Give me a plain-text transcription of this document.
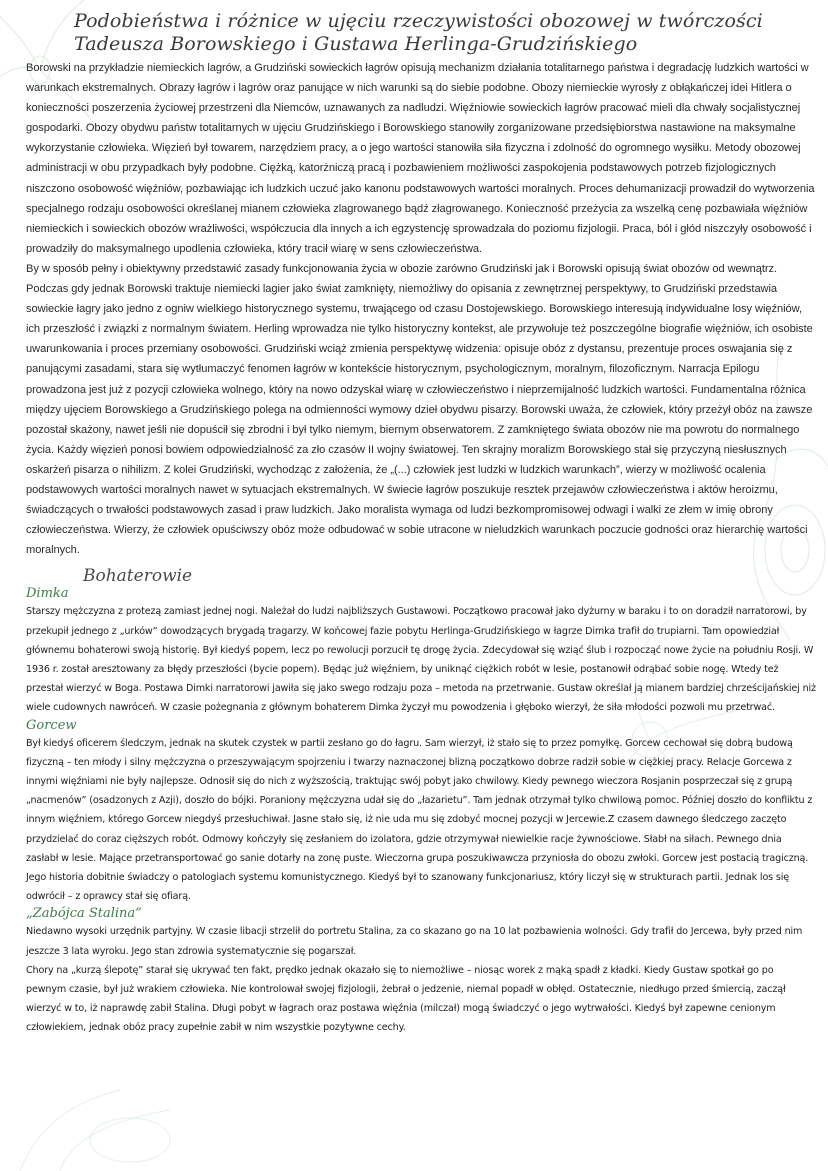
Podobieństwa i różnice w ujęciu rzeczywistości obozowej w twórczości Tadeusza Borowskiego i Gustawa Herlinga-Grudzińskiego

Borowski na przykładzie niemieckich lagrów, a Grudziński sowieckich łagrów opisują mechanizm działania totalitarnego państwa i degradację ludzkich wartości w warunkach ekstremalnych. Obrazy łagrów i lagrów oraz panujące w nich warunki są do siebie podobne. Obozy niemieckie wyrosły z obłąkańczej idei Hitlera o konieczności poszerzenia życiowej przestrzeni dla Niemców, uznawanych za nadludzi. Więźniowie sowieckich łagrów pracować mieli dla chwały socjalistycznej gospodarki. Obozy obydwu państw totalitarnych w ujęciu Grudzińskiego i Borowskiego stanowiły zorganizowane przedsiębiorstwa nastawione na maksymalne wykorzystanie człowieka. Więzień był towarem, narzędziem pracy, a o jego wartości stanowiła siła fizyczna i zdolność do ogromnego wysiłku. Metody obozowej administracji w obu przypadkach były podobne. Ciężką, katorżniczą pracą i pozbawieniem możliwości zaspokojenia podstawowych potrzeb fizjologicznych niszczono osobowość więźniów, pozbawiając ich ludzkich uczuć jako kanonu podstawowych wartości moralnych. Proces dehumanizacji prowadził do wytworzenia specjalnego rodzaju osobowości określanej mianem człowieka zlagrowanego bądź złagrowanego. Konieczność przeżycia za wszelką cenę pozbawiała więźniów niemieckich i sowieckich obozów wrażliwości, współczucia dla innych a ich egzystencję sprowadzała do poziomu fizjologii. Praca, ból i głód niszczyły osobowość i prowadziły do maksymalnego upodlenia człowieka, który tracił wiarę w sens człowieczeństwa.

By w sposób pełny i obiektywny przedstawić zasady funkcjonowania życia w obozie zarówno Grudziński jak i Borowski opisują świat obozów od wewnątrz. Podczas gdy jednak Borowski traktuje niemiecki lagier jako świat zamknięty, niemożliwy do opisania z zewnętrznej perspektywy, to Grudziński przedstawia sowieckie łagry jako jedno z ogniw wielkiego historycznego systemu, trwającego od czasu Dostojewskiego. Borowskiego interesują indywidualne losy więźniów, ich przeszłość i związki z normalnym światem. Herling wprowadza nie tylko historyczny kontekst, ale przywołuje też poszczególne biografie więźniów, ich osobiste uwarunkowania i proces przemiany osobowości. Grudziński wciąż zmienia perspektywę widzenia: opisuje obóz z dystansu, prezentuje proces oswajania się z panującymi zasadami, stara się wytłumaczyć fenomen łagrów w kontekście historycznym, psychologicznym, moralnym, filozoficznym. Narracja Epilogu prowadzona jest już z pozycji człowieka wolnego, który na nowo odzyskał wiarę w człowieczeństwo i nieprzemijalność ludzkich wartości. Fundamentalna różnica między ujęciem Borowskiego a Grudzińskiego polega na odmienności wymowy dzieł obydwu pisarzy. Borowski uważa, że człowiek, który przeżył obóz na zawsze pozostał skażony, nawet jeśli nie dopuścił się zbrodni i był tylko niemym, biernym obserwatorem. Z zamkniętego świata obozów nie ma powrotu do normalnego życia. Każdy więzień ponosi bowiem odpowiedzialność za zło czasów II wojny światowej. Ten skrajny moralizm Borowskiego stał się przyczyną niesłusznych oskarżeń pisarza o nihilizm. Z kolei Grudziński, wychodząc z założenia, że „(...) człowiek jest ludzki w ludzkich warunkach”, wierzy w możliwość ocalenia podstawowych wartości moralnych nawet w sytuacjach ekstremalnych. W świecie łagrów poszukuje resztek przejawów człowieczeństwa i aktów heroizmu, świadczących o trwałości podstawowych zasad i praw ludzkich. Jako moralista wymaga od ludzi bezkompromisowej odwagi i walki ze złem w imię obrony człowieczeństwa. Wierzy, że człowiek opuściwszy obóz może odbudować w sobie utracone w nieludzkich warunkach poczucie godności oraz hierarchię wartości moralnych.

Bohaterowie
Dimka

Starszy mężczyzna z protezą zamiast jednej nogi. Należał do ludzi najbliższych Gustawowi. Początkowo pracował jako dyżurny w baraku i to on doradził narratorowi, by przekupił jednego z „urków” dowodzących brygadą tragarzy. W końcowej fazie pobytu Herlinga-Grudzińskiego w łagrze Dimka trafił do trupiarni. Tam opowiedział głównemu bohaterowi swoją historię. Był kiedyś popem, lecz po rewolucji porzucił tę drogę życia. Zdecydował się wziąć ślub i rozpocząć nowe życie na południu Rosji. W 1936 r. został aresztowany za błędy przeszłości (bycie popem). Będąc już więźniem, by uniknąć ciężkich robót w lesie, postanowił odrąbać sobie nogę. Wtedy też przestał wierzyć w Boga. Postawa Dimki narratorowi jawiła się jako swego rodzaju poza – metoda na przetrwanie. Gustaw określał ją mianem bardziej chrześcijańskiej niż wiele cudownych nawróceń. W czasie pożegnania z głównym bohaterem Dimka życzył mu powodzenia i głęboko wierzył, że siła młodości pozwoli mu przetrwać.

Gorcew

Był kiedyś oficerem śledczym, jednak na skutek czystek w partii zesłano go do łagru. Sam wierzył, iż stało się to przez pomyłkę. Gorcew cechował się dobrą budową fizyczną – ten młody i silny mężczyzna o przeszywającym spojrzeniu i twarzy naznaczonej blizną początkowo dobrze radził sobie w ciężkiej pracy. Relacje Gorcewa z innymi więźniami nie były najlepsze. Odnosił się do nich z wyższością, traktując swój pobyt jako chwilowy. Kiedy pewnego wieczora Rosjanin posprzeczał się z grupą „nacmenów” (osadzonych z Azji), doszło do bójki. Poraniony mężczyzna udał się do „łazarietu”. Tam jednak otrzymał tylko chwilową pomoc. Później doszło do konfliktu z innym więźniem, którego Gorcew niegdyś przesłuchiwał. Jasne stało się, iż nie uda mu się zdobyć mocnej pozycji w Jercewie.Z czasem dawnego śledczego zaczęto przydzielać do coraz cięższych robót. Odmowy kończyły się zesłaniem do izolatora, gdzie otrzymywał niewielkie racje żywnościowe. Słabł na siłach. Pewnego dnia zasłabł w lesie. Mające przetransportować go sanie dotarły na zonę puste. Wieczorna grupa poszukiwawcza przyniosła do obozu zwłoki. Gorcew jest postacią tragiczną. Jego historia dobitnie świadczy o patologiach systemu komunistycznego. Kiedyś był to szanowany funkcjonariusz, który liczył się w strukturach partii. Jednak los się odwrócił – z oprawcy stał się ofiarą.

„Zabójca Stalina”

Niedawno wysoki urzędnik partyjny. W czasie libacji strzelił do portretu Stalina, za co skazano go na 10 lat pozbawienia wolności. Gdy trafił do Jercewa, były przed nim jeszcze 3 lata wyroku. Jego stan zdrowia systematycznie się pogarszał.

Chory na „kurzą ślepotę” starał się ukrywać ten fakt, prędko jednak okazało się to niemożliwe – niosąc worek z mąką spadł z kładki. Kiedy Gustaw spotkał go po pewnym czasie, był już wrakiem człowieka. Nie kontrolował swojej fizjologii, żebrał o jedzenie, niemal popadł w obłęd. Ostatecznie, niedługo przed śmiercią, zaczął wierzyć w to, iż naprawdę zabił Stalina. Długi pobyt w łagrach oraz postawa więźnia (milczał) mogą świadczyć o jego wytrwałości. Kiedyś był zapewne cenionym człowiekiem, jednak obóz pracy zupełnie zabił w nim wszystkie pozytywne cechy.
